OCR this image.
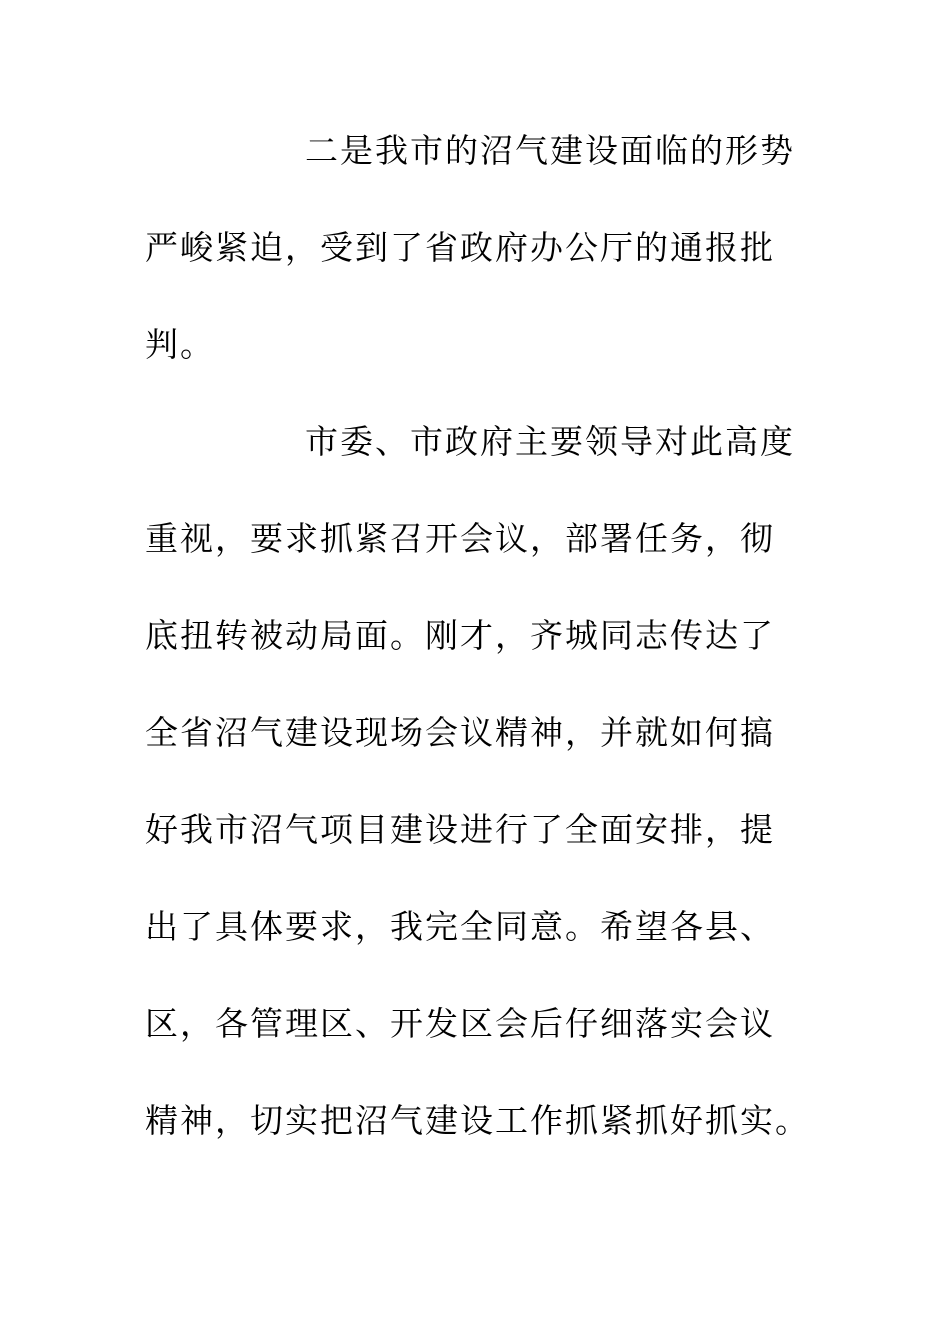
二是我市的沼气建设面临的形势
严峻紧迫，受到了省政府办公厅的通报批
判。
市委、市政府主要领导对此高度
重视，要求抓紧召开会议，部署任务，彻
底扭转被动局面。刚才，齐城同志传达了
全省沼气建设现场会议精神，并就如何搞
好我市沼气项目建设进行了全面安排，提
出了具体要求，我完全同意。希望各县、
区，各管理区、开发区会后仔细落实会议
精神，切实把沼气建设工作抓紧抓好抓实。
